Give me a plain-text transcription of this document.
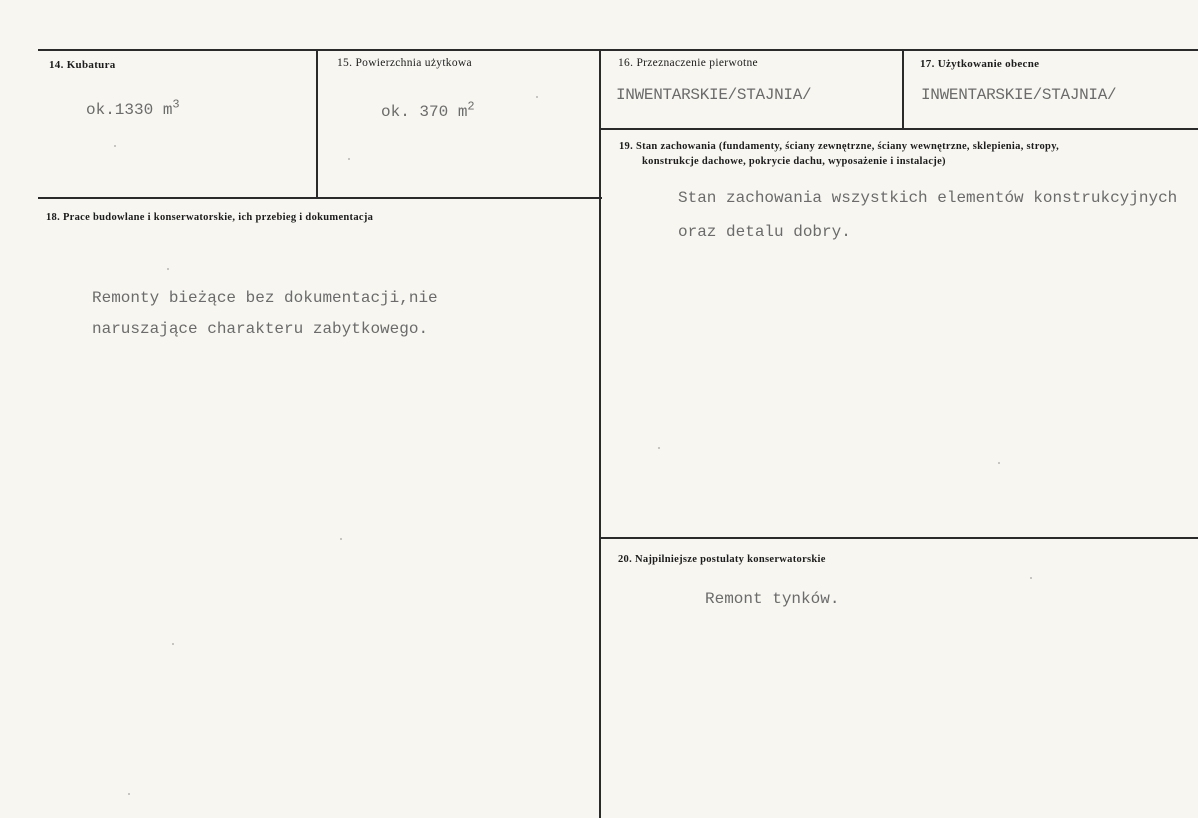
14. Kubatura
ok.1330 $m^3$
15. Powierzchnia użytkowa
ok. 370 $m^2$
16. Przeznaczenie pierwotne
INWENTARSKIE/STAJNIA/
17. Użytkowanie obecne
INWENTARSKIE/STAJNIA/
18. Prace budowlane i konserwatorskie, ich przebieg i dokumentacja
Remonty bieżące bez dokumentacji,nie
naruszające charakteru zabytkowego.
19. Stan zachowania (fundamenty, ściany zewnętrzne, ściany wewnętrzne, sklepienia, stropy,
konstrukcje dachowe, pokrycie dachu, wyposażenie i instalacje)
Stan zachowania wszystkich elementów konstrukcyjnych
oraz detalu dobry.
20. Najpilniejsze postulaty konserwatorskie
Remont tynków.
